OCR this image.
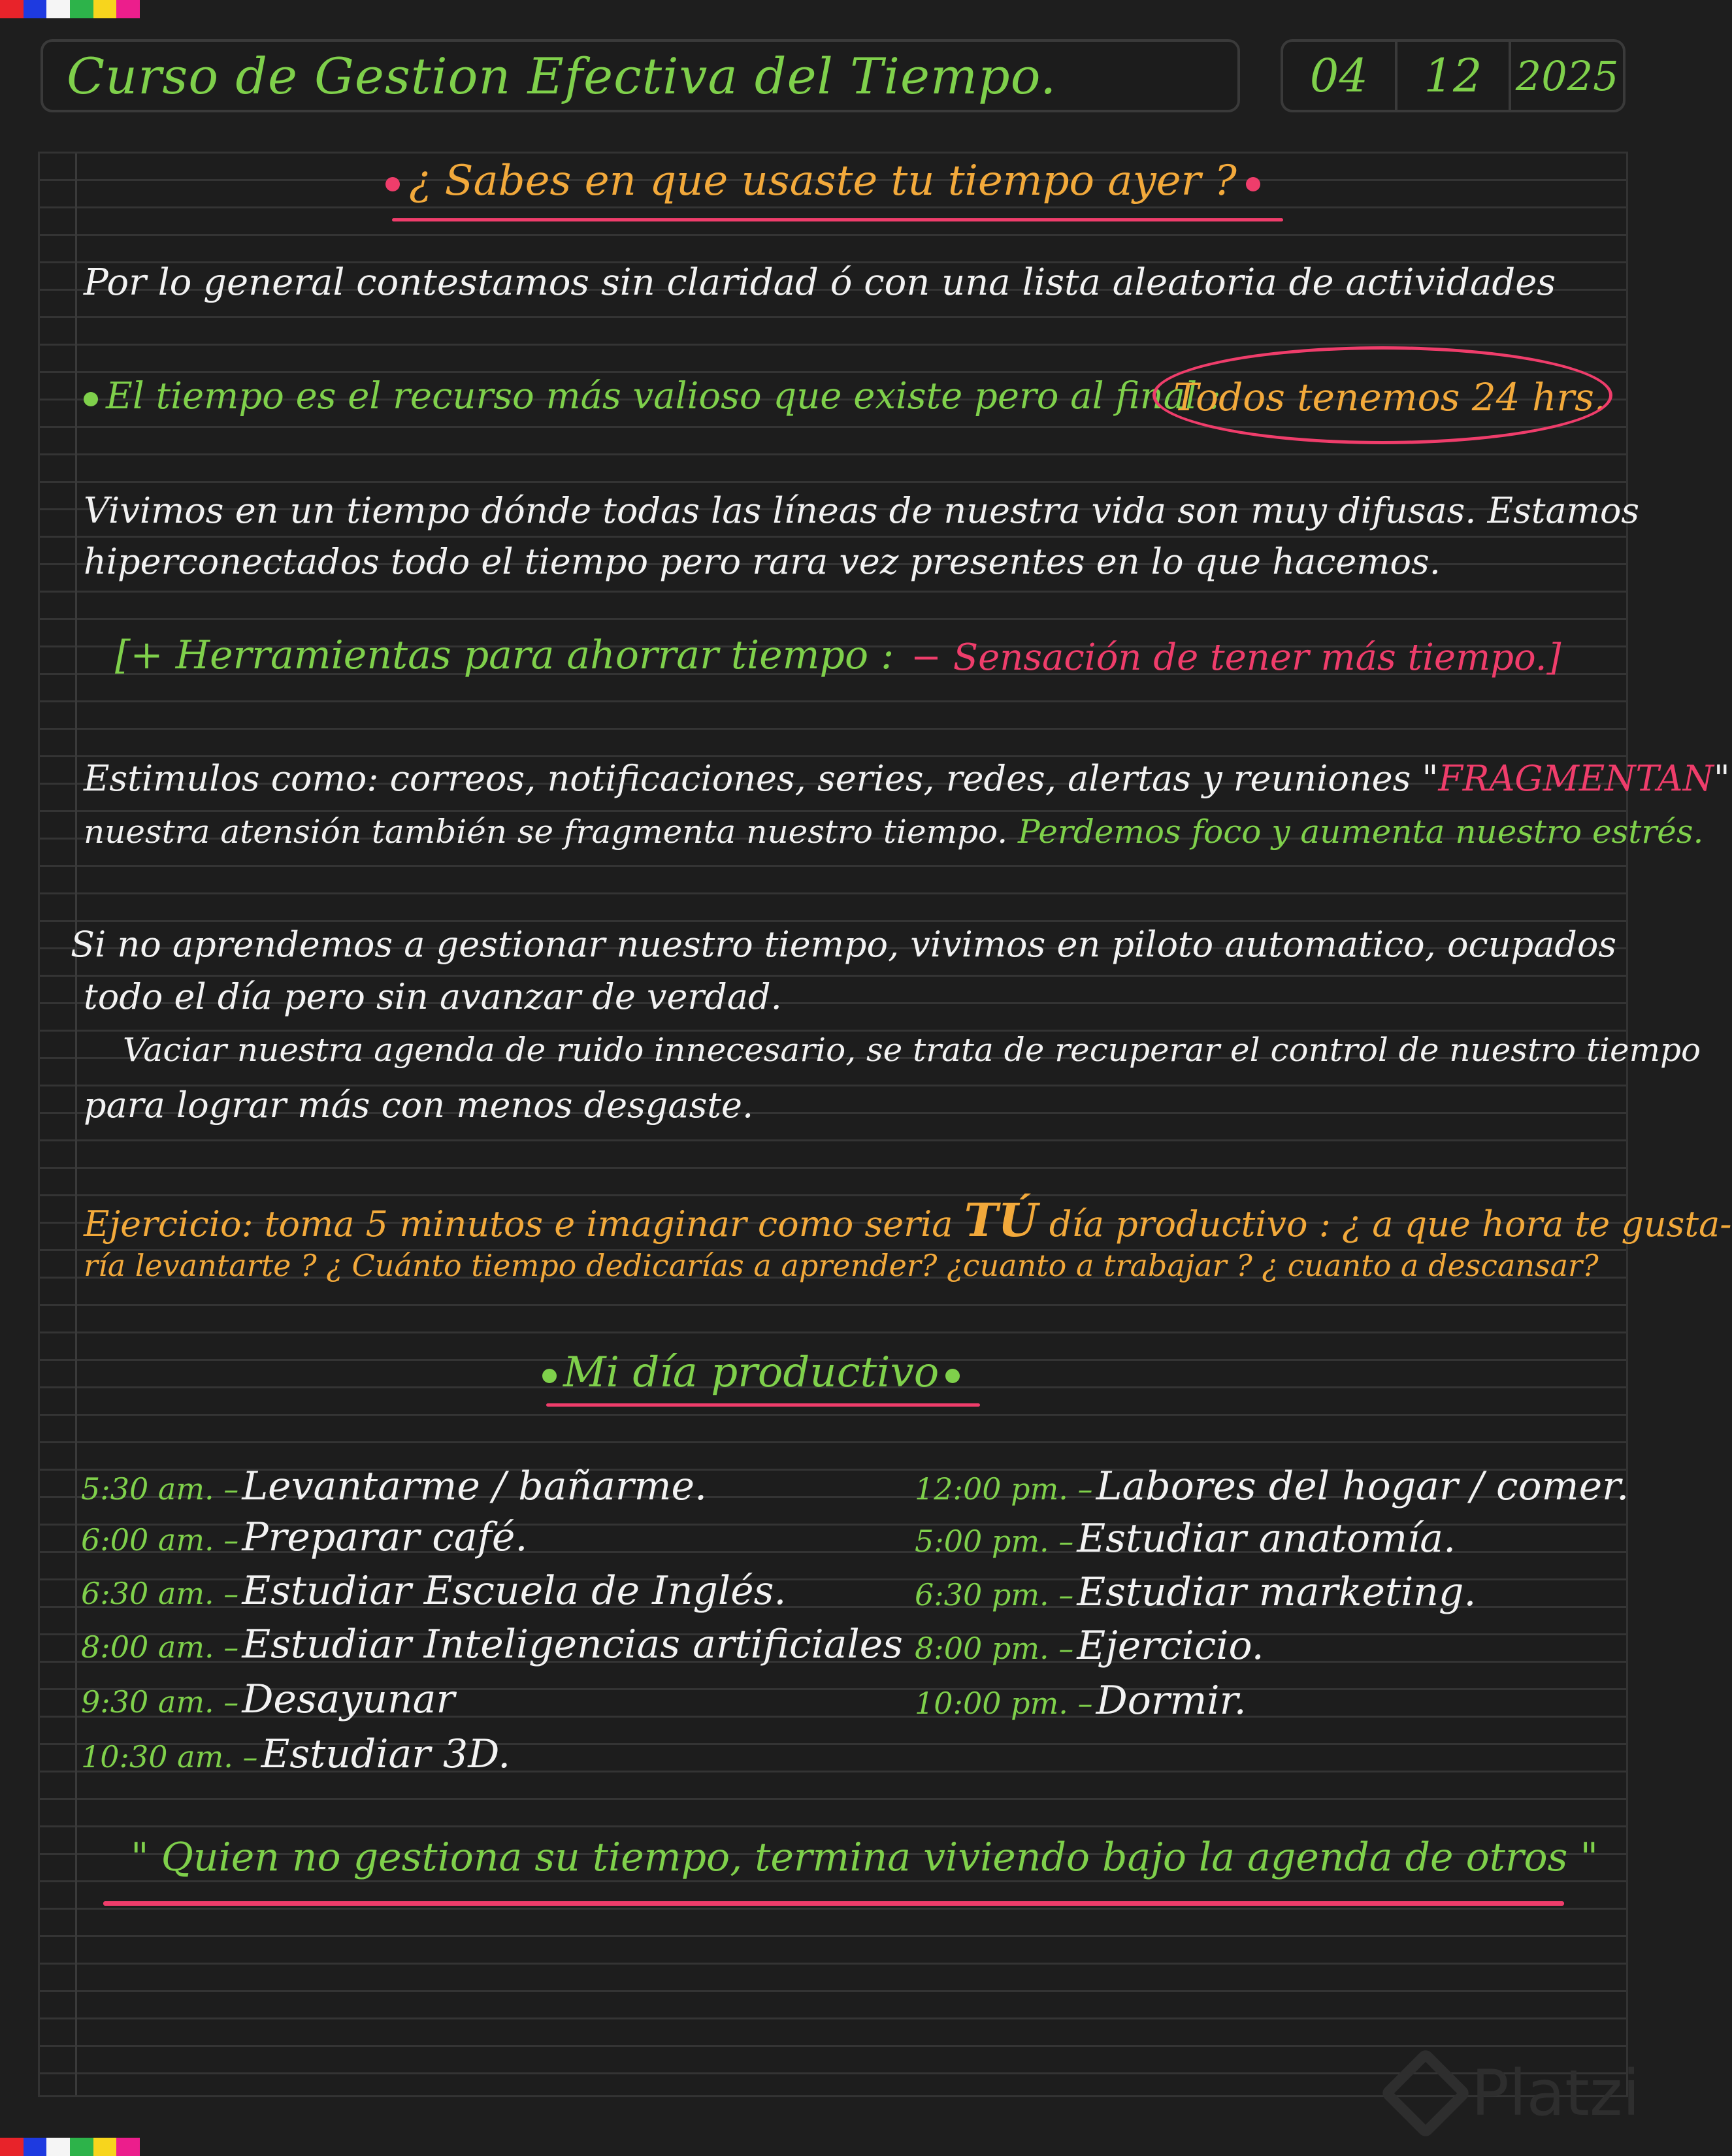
Curso de Gestion Efectiva del Tiempo.	04	12 2025
¿ Sabes en que usaste tu tiempo ayer ?
Por lo general contestamos sin claridad ó con una lista aleatoria de actividades
El tiempo es el recurso más valioso que existe pero al final :
Todos tenemos 24 hrs.
Vivimos en un tiempo dónde todas las líneas de nuestra vida son muy difusas. Estamos
hiperconectados todo el tiempo pero rara vez presentes en lo que hacemos.
[+ Herramientas para ahorrar tiempo : − Sensación de tener más tiempo.]
Estimulos como: correos, notificaciones, series, redes, alertas y reuniones "FRAGMENTAN"
nuestra atensión también se fragmenta nuestro tiempo. Perdemos foco y aumenta nuestro estrés.
Si no aprendemos a gestionar nuestro tiempo, vivimos en piloto automatico, ocupados
todo el día pero sin avanzar de verdad.
Vaciar nuestra agenda de ruido innecesario, se trata de recuperar el control de nuestro tiempo
para lograr más con menos desgaste.
Ejercicio: toma 5 minutos e imaginar como seria TÚ día productivo : ¿ a que hora te gusta-
ría levantarte ? ¿ Cuánto tiempo dedicarías a aprender? ¿cuanto a trabajar ? ¿ cuanto a descansar?
Mi día productivo
5:30 am. – Levantarme / bañarme.
6:00 am. – Preparar café.
6:30 am. – Estudiar Escuela de Inglés.
8:00 am. – Estudiar Inteligencias artificiales
9:30 am. – Desayunar
10:30 am. – Estudiar 3D.
12:00 pm. – Labores del hogar / comer.
5:00 pm. – Estudiar anatomía.
6:30 pm. – Estudiar marketing.
8:00 pm. – Ejercicio.
10:00 pm. – Dormir.
" Quien no gestiona su tiempo, termina viviendo bajo la agenda de otros "
Platzi
